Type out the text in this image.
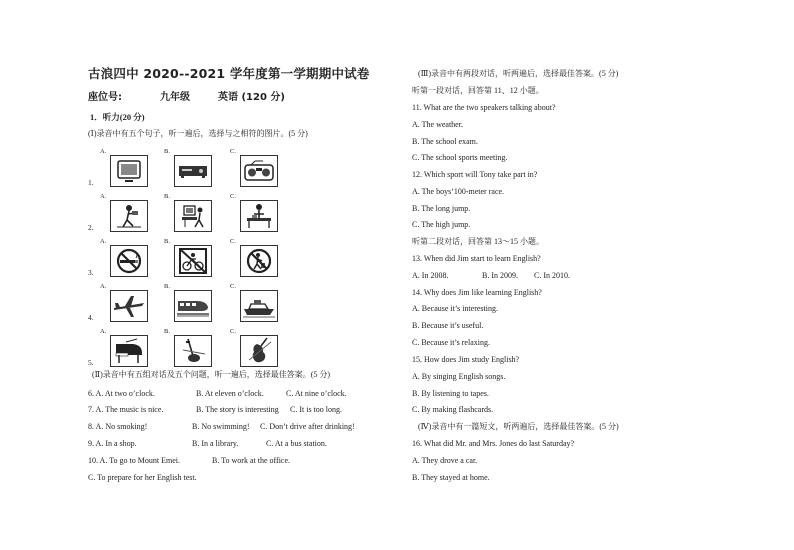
古浪四中 2020--2021 学年度第一学期期中试卷
座位号:	九年级	英语 (120 分)
1．听力(20 分)
(Ⅰ)录音中有五个句子，听一遍后，选择与之相符的图片。(5 分)
1.
A.	B.	C.
2.
A.	B.	C.
3.
A.	B.	C.
4.
A.	B.	C.
5.
A.	B.	C.
(Ⅱ)录音中有五组对话及五个问题，听一遍后，选择最佳答案。(5 分)
6. A. At two o’clock.	B. At eleven o’clock.	C. At nine o’clock.
7. A. The music is nice.	B. The story is interesting C. It is too long.
8. A. No smoking!	B. No swimming! C. Don’t drive after drinking!
9. A. In a shop.	B. In a library.	C. At a bus station.
10. A. To go to Mount Emei.	B. To work at the office.
C. To prepare for her English test.
(Ⅲ)录音中有两段对话，听两遍后，选择最佳答案。(5 分)
听第一段对话，回答第 11、12 小题。
11. What are the two speakers talking about?
A. The weather.
B. The school exam.
C. The school sports meeting.
12. Which sport will Tony take part in?
A. The boys’100-meter race.
B. The long jump.
C. The high jump.
听第二段对话，回答第 13～15 小题。
13. When did Jim start to learn English?
A. In 2008.	B. In 2009. C. In 2010.
14. Why does Jim like learning English?
A. Because it’s interesting.
B. Because it’s useful.
C. Because it’s relaxing.
15. How does Jim study English?
A. By singing English songs.
B. By listening to tapes.
C. By making flashcards.
(Ⅳ)录音中有一篇短文，听两遍后，选择最佳答案。(5 分)
16. What did Mr. and Mrs. Jones do last Saturday?
A. They drove a car.
B. They stayed at home.
